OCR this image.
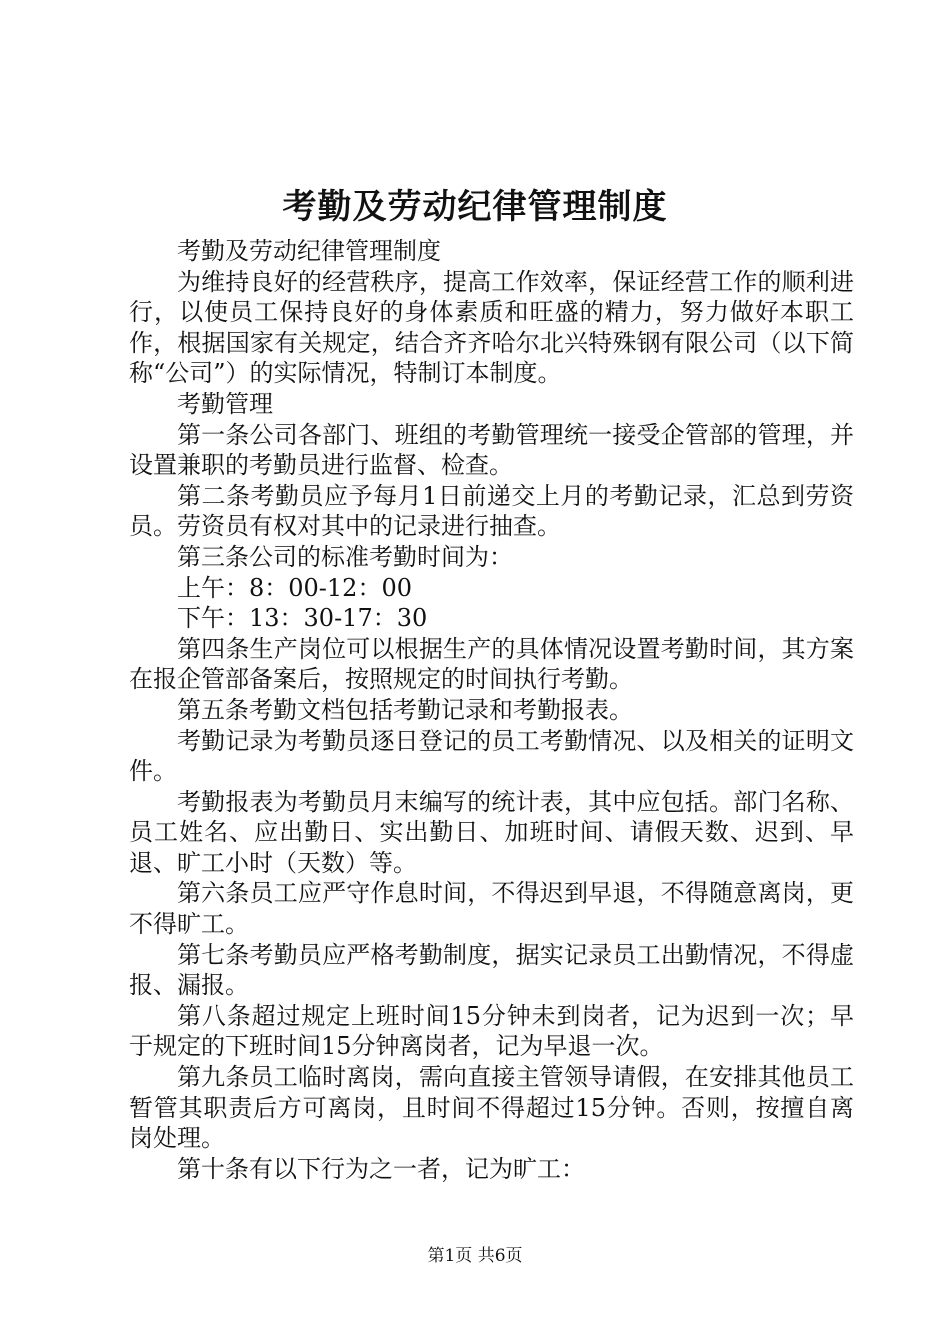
考勤及劳动纪律管理制度

考勤及劳动纪律管理制度

为维持良好的经营秩序，提高工作效率，保证经营工作的顺利进行，以使员工保持良好的身体素质和旺盛的精力，努力做好本职工作，根据国家有关规定，结合齐齐哈尔北兴特殊钢有限公司（以下简称“公司”）的实际情况，特制订本制度。

考勤管理

第一条公司各部门、班组的考勤管理统一接受企管部的管理，并设置兼职的考勤员进行监督、检查。

第二条考勤员应予每月1日前递交上月的考勤记录，汇总到劳资员。劳资员有权对其中的记录进行抽查。

第三条公司的标准考勤时间为：

上午：8：00-12：00

下午：13：30-17：30

第四条生产岗位可以根据生产的具体情况设置考勤时间，其方案在报企管部备案后，按照规定的时间执行考勤。

第五条考勤文档包括考勤记录和考勤报表。

考勤记录为考勤员逐日登记的员工考勤情况、以及相关的证明文件。

考勤报表为考勤员月末编写的统计表，其中应包括。部门名称、员工姓名、应出勤日、实出勤日、加班时间、请假天数、迟到、早退、旷工小时（天数）等。

第六条员工应严守作息时间，不得迟到早退，不得随意离岗，更不得旷工。

第七条考勤员应严格考勤制度，据实记录员工出勤情况，不得虚报、漏报。

第八条超过规定上班时间15分钟未到岗者，记为迟到一次；早于规定的下班时间15分钟离岗者，记为早退一次。

第九条员工临时离岗，需向直接主管领导请假，在安排其他员工暂管其职责后方可离岗，且时间不得超过15分钟。否则，按擅自离岗处理。

第十条有以下行为之一者，记为旷工：

第1页 共6页
